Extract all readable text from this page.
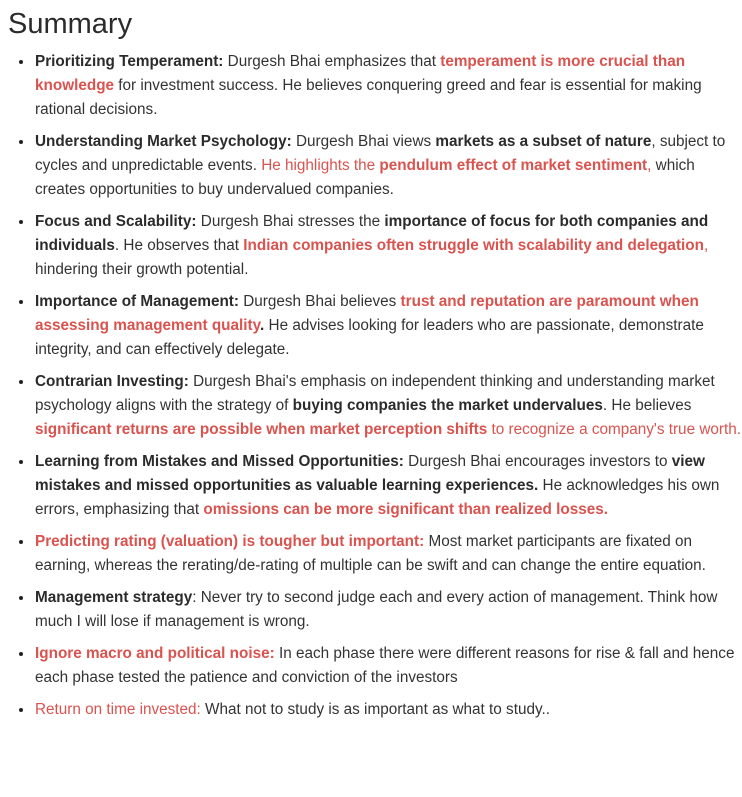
Summary
• Prioritizing Temperament: Durgesh Bhai emphasizes that temperament is more crucial than knowledge for investment success. He believes conquering greed and fear is essential for making rational decisions.
• Understanding Market Psychology: Durgesh Bhai views markets as a subset of nature, subject to cycles and unpredictable events. He highlights the pendulum effect of market sentiment, which creates opportunities to buy undervalued companies.
• Focus and Scalability: Durgesh Bhai stresses the importance of focus for both companies and individuals. He observes that Indian companies often struggle with scalability and delegation, hindering their growth potential.
• Importance of Management: Durgesh Bhai believes trust and reputation are paramount when assessing management quality. He advises looking for leaders who are passionate, demonstrate integrity, and can effectively delegate.
• Contrarian Investing: Durgesh Bhai's emphasis on independent thinking and understanding market psychology aligns with the strategy of buying companies the market undervalues. He believes significant returns are possible when market perception shifts to recognize a company's true worth.
• Learning from Mistakes and Missed Opportunities: Durgesh Bhai encourages investors to view mistakes and missed opportunities as valuable learning experiences. He acknowledges his own errors, emphasizing that omissions can be more significant than realized losses.
• Predicting rating (valuation) is tougher but important: Most market participants are fixated on earning, whereas the rerating/de-rating of multiple can be swift and can change the entire equation.
• Management strategy: Never try to second judge each and every action of management. Think how much I will lose if management is wrong.
• Ignore macro and political noise: In each phase there were different reasons for rise & fall and hence each phase tested the patience and conviction of the investors
• Return on time invested: What not to study is as important as what to study..
